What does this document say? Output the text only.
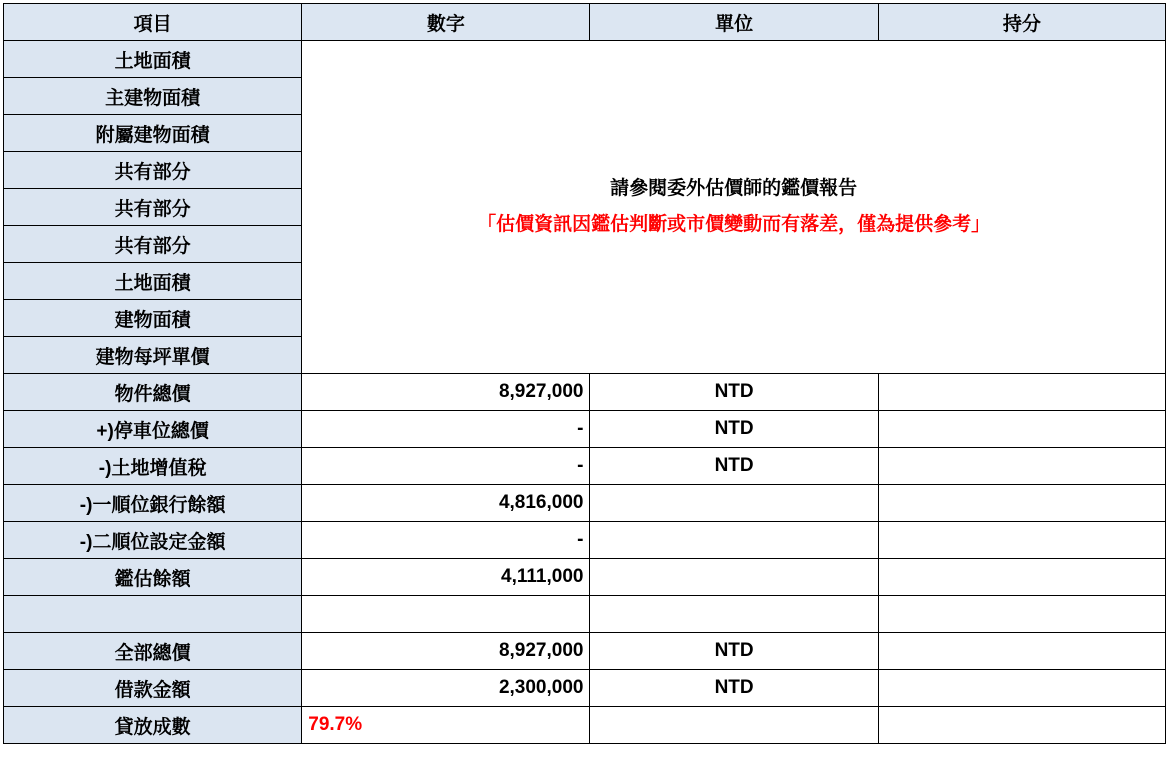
項目	數字	單位	持分
土地面積	請參閱委外估價師的鑑價報告
「估價資訊因鑑估判斷或市價變動而有落差，僅為提供參考」		

主建物面積			
附屬建物面積			
共有部分			
共有部分			
共有部分			
土地面積			
建物面積			
建物每坪單價			
物件總價	8,927,000	NTD	
+)停車位總價	-	NTD	
-)土地增值稅	-	NTD	
-)一順位銀行餘額	4,816,000		
-)二順位設定金額	-		
鑑估餘額	4,111,000		

全部總價	8,927,000	NTD	
借款金額	2,300,000	NTD	
貸放成數	79.7%		
